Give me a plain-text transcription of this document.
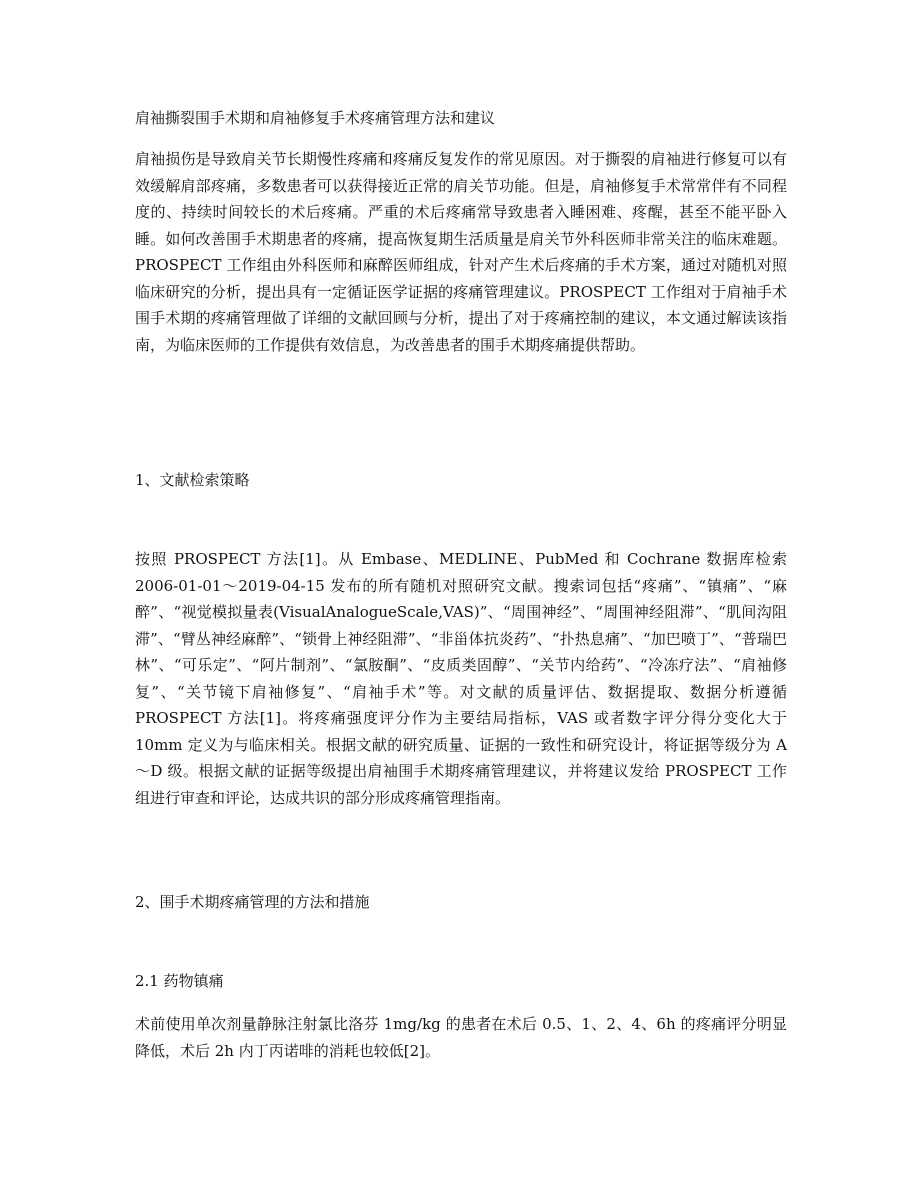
肩袖撕裂围手术期和肩袖修复手术疼痛管理方法和建议

肩袖损伤是导致肩关节长期慢性疼痛和疼痛反复发作的常见原因。对于撕裂的肩袖进行修复可以有效缓解肩部疼痛，多数患者可以获得接近正常的肩关节功能。但是，肩袖修复手术常常伴有不同程度的、持续时间较长的术后疼痛。严重的术后疼痛常导致患者入睡困难、疼醒，甚至不能平卧入睡。如何改善围手术期患者的疼痛，提高恢复期生活质量是肩关节外科医师非常关注的临床难题。PROSPECT 工作组由外科医师和麻醉医师组成，针对产生术后疼痛的手术方案，通过对随机对照临床研究的分析，提出具有一定循证医学证据的疼痛管理建议。PROSPECT 工作组对于肩袖手术围手术期的疼痛管理做了详细的文献回顾与分析，提出了对于疼痛控制的建议，本文通过解读该指南，为临床医师的工作提供有效信息，为改善患者的围手术期疼痛提供帮助。

1、文献检索策略

按照 PROSPECT 方法[1]。从 Embase、MEDLINE、PubMed 和 Cochrane 数据库检索 2006-01-01～2019-04-15 发布的所有随机对照研究文献。搜索词包括“疼痛”、“镇痛”、“麻醉”、“视觉模拟量表(VisualAnalogueScale,VAS)”、“周围神经”、“周围神经阻滞”、“肌间沟阻滞”、“臂丛神经麻醉”、“锁骨上神经阻滞”、“非甾体抗炎药”、“扑热息痛”、“加巴喷丁”、“普瑞巴林”、“可乐定”、“阿片制剂”、“氯胺酮”、“皮质类固醇”、“关节内给药”、“冷冻疗法”、“肩袖修复”、“关节镜下肩袖修复”、“肩袖手术”等。对文献的质量评估、数据提取、数据分析遵循 PROSPECT 方法[1]。将疼痛强度评分作为主要结局指标，VAS 或者数字评分得分变化大于 10mm 定义为与临床相关。根据文献的研究质量、证据的一致性和研究设计，将证据等级分为 A～D 级。根据文献的证据等级提出肩袖围手术期疼痛管理建议，并将建议发给 PROSPECT 工作组进行审查和评论，达成共识的部分形成疼痛管理指南。

2、围手术期疼痛管理的方法和措施

2.1 药物镇痛

术前使用单次剂量静脉注射氯比洛芬 1mg/kg 的患者在术后 0.5、1、2、4、6h 的疼痛评分明显降低，术后 2h 内丁丙诺啡的消耗也较低[2]。
